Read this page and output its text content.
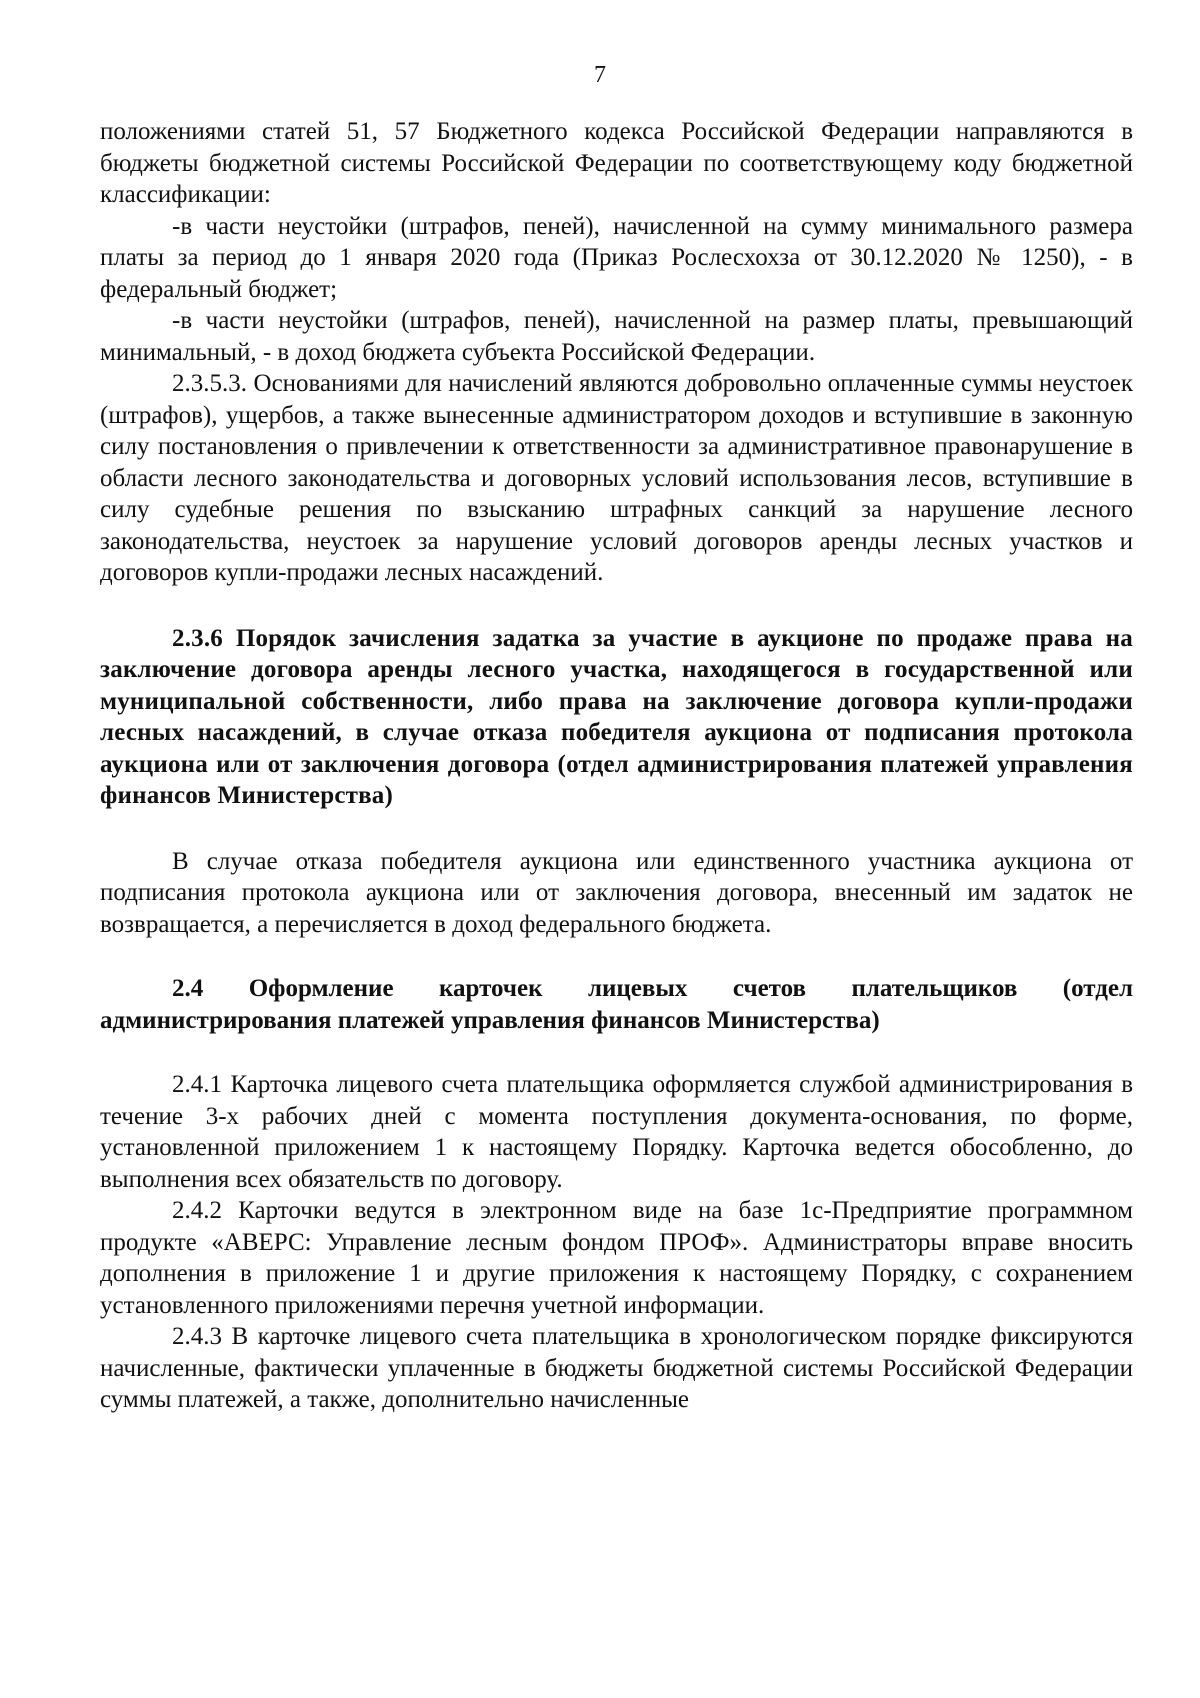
7

положениями статей 51, 57 Бюджетного кодекса Российской Федерации направляются в бюджеты бюджетной системы Российской Федерации по соответствующему коду бюджетной классификации:

-в части неустойки (штрафов, пеней), начисленной на сумму минимального размера платы за период до 1 января 2020 года (Приказ Рослесхохза от 30.12.2020 № 1250), - в федеральный бюджет;

-в части неустойки (штрафов, пеней), начисленной на размер платы, превышающий минимальный, - в доход бюджета субъекта Российской Федерации.

2.3.5.3. Основаниями для начислений являются добровольно оплаченные суммы неустоек (штрафов), ущербов, а также вынесенные администратором доходов и вступившие в законную силу постановления о привлечении к ответственности за административное правонарушение в области лесного законодательства и договорных условий использования лесов, вступившие в силу судебные решения по взысканию штрафных санкций за нарушение лесного законодательства, неустоек за нарушение условий договоров аренды лесных участков и договоров купли-продажи лесных насаждений.

2.3.6 Порядок зачисления задатка за участие в аукционе по продаже права на заключение договора аренды лесного участка, находящегося в государственной или муниципальной собственности, либо права на заключение договора купли-продажи лесных насаждений, в случае отказа победителя аукциона от подписания протокола аукциона или от заключения договора (отдел администрирования платежей управления финансов Министерства)

В случае отказа победителя аукциона или единственного участника аукциона от подписания протокола аукциона или от заключения договора, внесенный им задаток не возвращается, а перечисляется в доход федерального бюджета.

2.4 Оформление карточек лицевых счетов плательщиков (отдел администрирования платежей управления финансов Министерства)

2.4.1 Карточка лицевого счета плательщика оформляется службой администрирования в течение 3-х рабочих дней с момента поступления документа-основания, по форме, установленной приложением 1 к настоящему Порядку. Карточка ведется обособленно, до выполнения всех обязательств по договору.

2.4.2 Карточки ведутся в электронном виде на базе 1с-Предприятие программном продукте «АВЕРС: Управление лесным фондом ПРОФ». Администраторы вправе вносить дополнения в приложение 1 и другие приложения к настоящему Порядку, с сохранением установленного приложениями перечня учетной информации.

2.4.3 В карточке лицевого счета плательщика в хронологическом порядке фиксируются начисленные, фактически уплаченные в бюджеты бюджетной системы Российской Федерации суммы платежей, а также, дополнительно начисленные
